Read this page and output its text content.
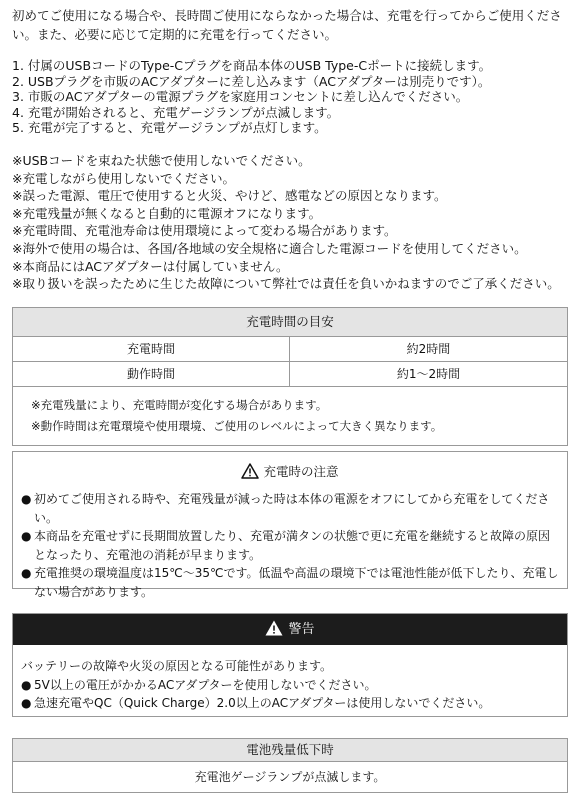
初めてご使用になる場合や、長時間ご使用にならなかった場合は、充電を行ってからご使用ください。また、必要に応じて定期的に充電を行ってください。
1. 付属のUSBコードのType-Cプラグを商品本体のUSB Type-Cポートに接続します。
2. USBプラグを市販のACアダプターに差し込みます（ACアダプターは別売りです）。
3. 市販のACアダプターの電源プラグを家庭用コンセントに差し込んでください。
4. 充電が開始されると、充電ゲージランプが点滅します。
5. 充電が完了すると、充電ゲージランプが点灯します。
※USBコードを束ねた状態で使用しないでください。
※充電しながら使用しないでください。
※誤った電源、電圧で使用すると火災、やけど、感電などの原因となります。
※充電残量が無くなると自動的に電源オフになります。
※充電時間、充電池寿命は使用環境によって変わる場合があります。
※海外で使用の場合は、各国/各地域の安全規格に適合した電源コードを使用してください。
※本商品にはACアダプターは付属していません。
※取り扱いを誤ったために生じた故障について弊社では責任を負いかねますのでご了承ください。
充電時間の目安
充電時間	約2時間
動作時間	約1～2時間
※充電残量により、充電時間が変化する場合があります。
※動作時間は充電環境や使用環境、ご使用のレベルによって大きく異なります。
充電時の注意
● 初めてご使用される時や、充電残量が減った時は本体の電源をオフにしてから充電をしてください。
● 本商品を充電せずに長期間放置したり、充電が満タンの状態で更に充電を継続すると故障の原因となったり、充電池の消耗が早まります。
● 充電推奨の環境温度は15℃～35℃です。低温や高温の環境下では電池性能が低下したり、充電しない場合があります。
警告
バッテリーの故障や火災の原因となる可能性があります。
● 5V以上の電圧がかかるACアダプターを使用しないでください。
● 急速充電やQC（Quick Charge）2.0以上のACアダプターは使用しないでください。
電池残量低下時
充電池ゲージランプが点滅します。
